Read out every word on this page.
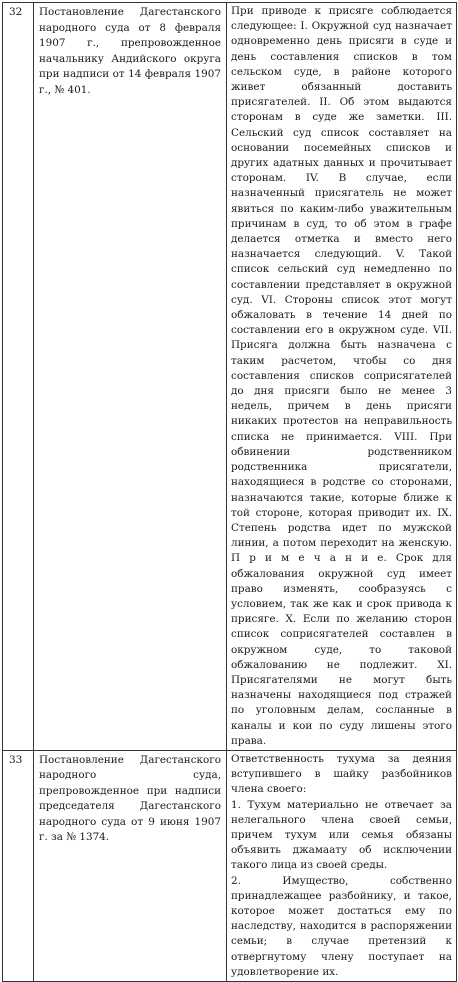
32	Постановление Дагестанского народного суда от 8 февраля 1907 г., препровожденное начальнику Андийского округа при надписи от 14 февраля 1907 г., № 401.	При приводе к присяге соблюдается следующее: I. Окружной суд назначает одновременно день присяги в суде и день составления списков в том сельском суде, в районе которого живет обязанный доставить присягателей. II. Об этом выдаются сторонам в суде же заметки. III. Сельский суд список составляет на основании посемейных списков и других адатных данных и прочитывает сторонам. IV. В случае, если назначенный присягатель не может явиться по каким-либо уважительным причинам в суд, то об этом в графе делается отметка и вместо него назначается следующий. V. Такой список сельский суд немедленно по составлении представляет в окружной суд. VI. Стороны список этот могут обжаловать в течение 14 дней по составлении его в окружном суде. VII. Присяга должна быть назначена с таким расчетом, чтобы со дня составления списков соприсягателей до дня присяги было не менее 3 недель, причем в день присяги никаких протестов на неправильность списка не принимается. VIII. При обвинении родственником родственника присягатели, находящиеся в родстве со сторонами, назначаются такие, которые ближе к той стороне, которая приводит их. IX. Степень родства идет по мужской линии, а потом переходит на женскую. П р и м е ч а н и е. Срок для обжалования окружной суд имеет право изменять, сообразуясь с условием, так же как и срок привода к присяге. X. Если по желанию сторон список соприсягателей составлен в окружном суде, то таковой обжалованию не подлежит. XI. Присягателями не могут быть назначены находящиеся под стражей по уголовным делам, сосланные в каналы и кои по суду лишены этого права.
33	Постановление Дагестанского народного суда, препровожденное при надписи председателя Дагестанского народного суда от 9 июня 1907 г. за № 1374.	Ответственность тухума за деяния вступившего в шайку разбойников члена своего:
1. Тухум материально не отвечает за нелегального члена своей семьи, причем тухум или семья обязаны объявить джамаату об исключении такого лица из своей среды.
2. Имущество, собственно принадлежащее разбойнику, и такое, которое может достаться ему по наследству, находится в распоряжении семьи; в случае претензий к отвергнутому члену поступает на удовлетворение их.
